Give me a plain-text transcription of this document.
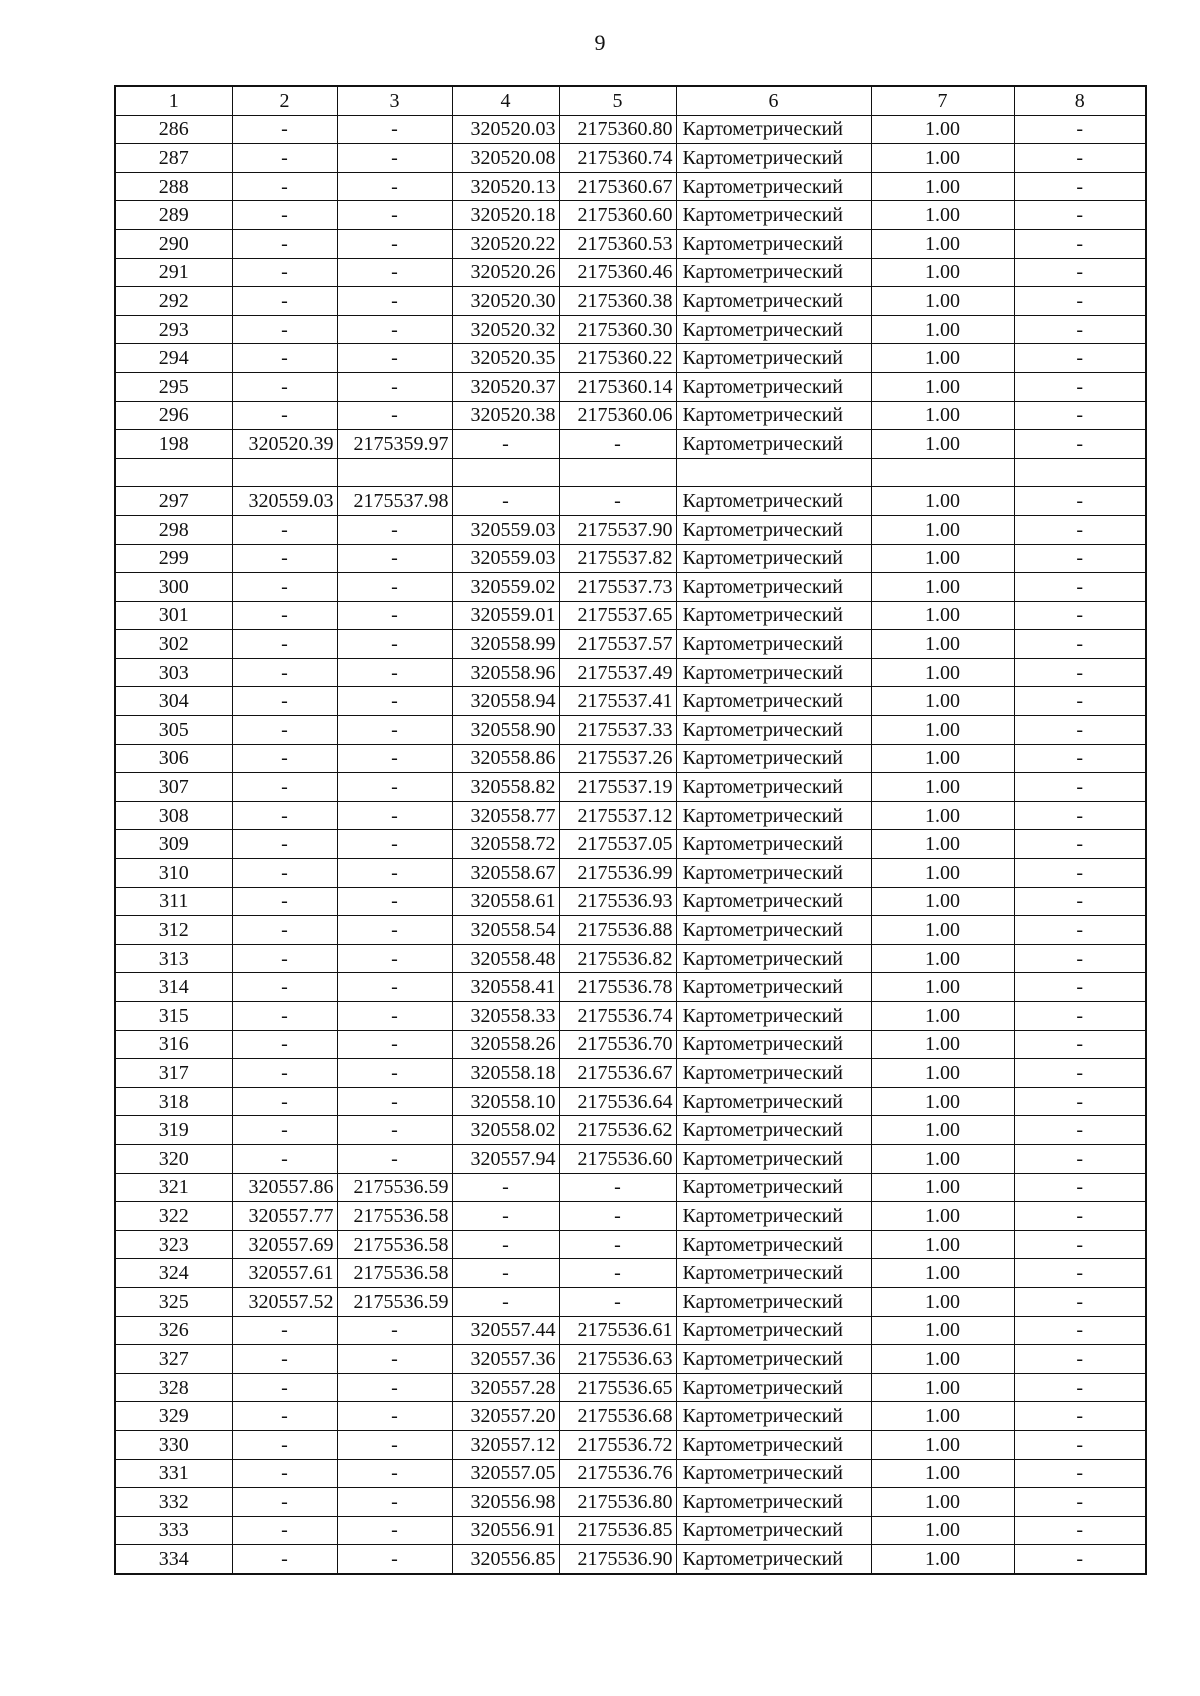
9
1	2	3	4	5	6	7	8
286	-	-	320520.03	2175360.80	Картометрический	1.00	-
287	-	-	320520.08	2175360.74	Картометрический	1.00	-
288	-	-	320520.13	2175360.67	Картометрический	1.00	-
289	-	-	320520.18	2175360.60	Картометрический	1.00	-
290	-	-	320520.22	2175360.53	Картометрический	1.00	-
291	-	-	320520.26	2175360.46	Картометрический	1.00	-
292	-	-	320520.30	2175360.38	Картометрический	1.00	-
293	-	-	320520.32	2175360.30	Картометрический	1.00	-
294	-	-	320520.35	2175360.22	Картометрический	1.00	-
295	-	-	320520.37	2175360.14	Картометрический	1.00	-
296	-	-	320520.38	2175360.06	Картометрический	1.00	-
198	320520.39	2175359.97	-	-	Картометрический	1.00	-

297	320559.03	2175537.98	-	-	Картометрический	1.00	-
298	-	-	320559.03	2175537.90	Картометрический	1.00	-
299	-	-	320559.03	2175537.82	Картометрический	1.00	-
300	-	-	320559.02	2175537.73	Картометрический	1.00	-
301	-	-	320559.01	2175537.65	Картометрический	1.00	-
302	-	-	320558.99	2175537.57	Картометрический	1.00	-
303	-	-	320558.96	2175537.49	Картометрический	1.00	-
304	-	-	320558.94	2175537.41	Картометрический	1.00	-
305	-	-	320558.90	2175537.33	Картометрический	1.00	-
306	-	-	320558.86	2175537.26	Картометрический	1.00	-
307	-	-	320558.82	2175537.19	Картометрический	1.00	-
308	-	-	320558.77	2175537.12	Картометрический	1.00	-
309	-	-	320558.72	2175537.05	Картометрический	1.00	-
310	-	-	320558.67	2175536.99	Картометрический	1.00	-
311	-	-	320558.61	2175536.93	Картометрический	1.00	-
312	-	-	320558.54	2175536.88	Картометрический	1.00	-
313	-	-	320558.48	2175536.82	Картометрический	1.00	-
314	-	-	320558.41	2175536.78	Картометрический	1.00	-
315	-	-	320558.33	2175536.74	Картометрический	1.00	-
316	-	-	320558.26	2175536.70	Картометрический	1.00	-
317	-	-	320558.18	2175536.67	Картометрический	1.00	-
318	-	-	320558.10	2175536.64	Картометрический	1.00	-
319	-	-	320558.02	2175536.62	Картометрический	1.00	-
320	-	-	320557.94	2175536.60	Картометрический	1.00	-
321	320557.86	2175536.59	-	-	Картометрический	1.00	-
322	320557.77	2175536.58	-	-	Картометрический	1.00	-
323	320557.69	2175536.58	-	-	Картометрический	1.00	-
324	320557.61	2175536.58	-	-	Картометрический	1.00	-
325	320557.52	2175536.59	-	-	Картометрический	1.00	-
326	-	-	320557.44	2175536.61	Картометрический	1.00	-
327	-	-	320557.36	2175536.63	Картометрический	1.00	-
328	-	-	320557.28	2175536.65	Картометрический	1.00	-
329	-	-	320557.20	2175536.68	Картометрический	1.00	-
330	-	-	320557.12	2175536.72	Картометрический	1.00	-
331	-	-	320557.05	2175536.76	Картометрический	1.00	-
332	-	-	320556.98	2175536.80	Картометрический	1.00	-
333	-	-	320556.91	2175536.85	Картометрический	1.00	-
334	-	-	320556.85	2175536.90	Картометрический	1.00	-
